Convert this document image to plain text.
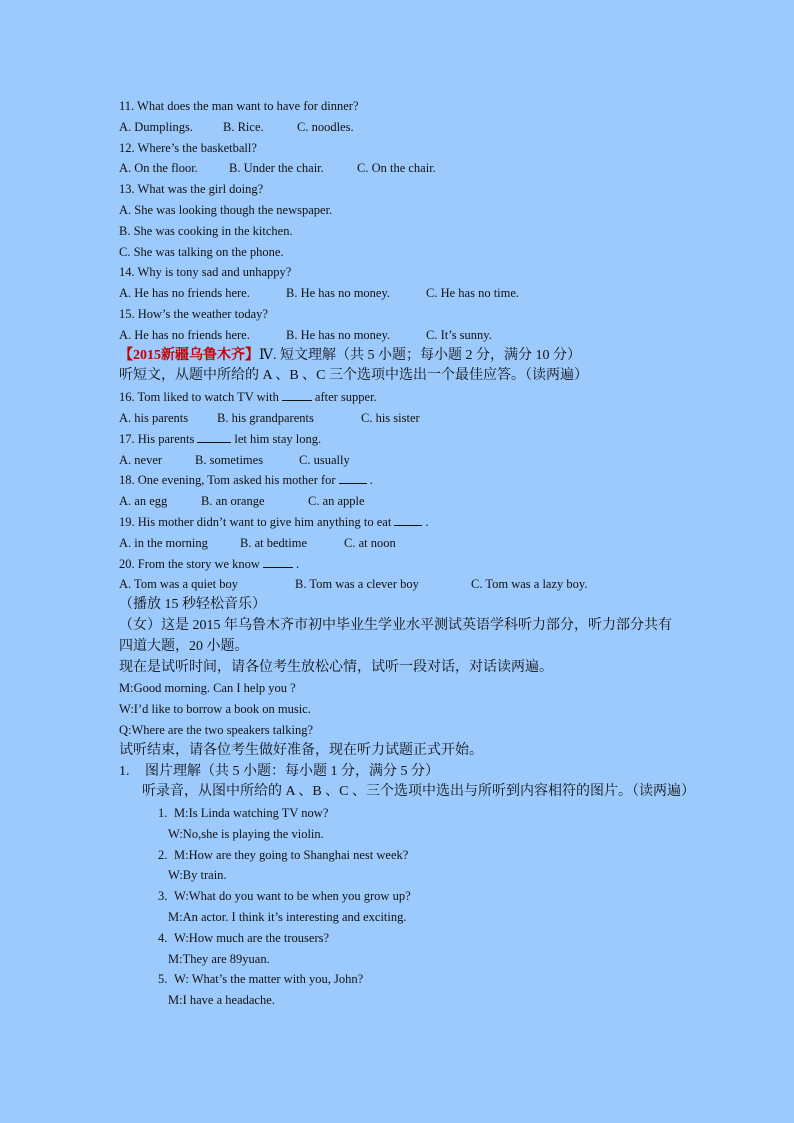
11. What does the man want to have for dinner?
A. Dumplings. B. Rice.	C. noodles.
12. Where’s the basketball?
A. On the floor. B. Under the chair.	C. On the chair.
13. What was the girl doing?
A. She was looking though the newspaper.
B. She was cooking in the kitchen.
C. She was talking on the phone.
14. Why is tony sad and unhappy?
A. He has no friends here.	B. He has no money.	C. He has no time.
15. How’s the weather today?
A. He has no friends here.	B. He has no money.	C. It’s sunny.
【2015新疆乌鲁木齐】Ⅳ. 短文理解（共 5 小题；每小题 2 分，满分 10 分）
听短文，从题中所给的 A 、B 、C 三个选项中选出一个最佳应答。（读两遍）
16. Tom liked to watch TV with	after supper.
A. his parents B. his grandparents	C. his sister
17. His parents	let him stay long.
A. never	B. sometimes	C. usually
18. One evening, Tom asked his mother for	.
A. an egg	B. an orange	C. an apple
19. His mother didn’t want to give him anything to eat	.
A. in the morning	B. at bedtime	C. at noon
20. From the story we know	.
A. Tom was a quiet boy	B. Tom was a clever boy	C. Tom was a lazy boy.
（播放 15 秒轻松音乐）
（女）这是 2015 年乌鲁木齐市初中毕业生学业水平测试英语学科听力部分，听力部分共有
四道大题，20 小题。
现在是试听时间，请各位考生放松心情，试听一段对话，对话读两遍。
M:Good morning. Can I help you ?
W:I’d like to borrow a book on music.
Q:Where are the two speakers talking?
试听结束，请各位考生做好准备，现在听力试题正式开始。
1. 图片理解（共 5 小题：每小题 1 分，满分 5 分）
听录音，从图中所给的 A 、B 、C 、三个选项中选出与所听到内容相符的图片。（读两遍）
1. M:Is Linda watching TV now?
W:No,she is playing the violin.
2. M:How are they going to Shanghai nest week?
W:By train.
3. W:What do you want to be when you grow up?
M:An actor. I think it’s interesting and exciting.
4. W:How much are the trousers?
M:They are 89yuan.
5. W: What’s the matter with you, John?
M:I have a headache.
